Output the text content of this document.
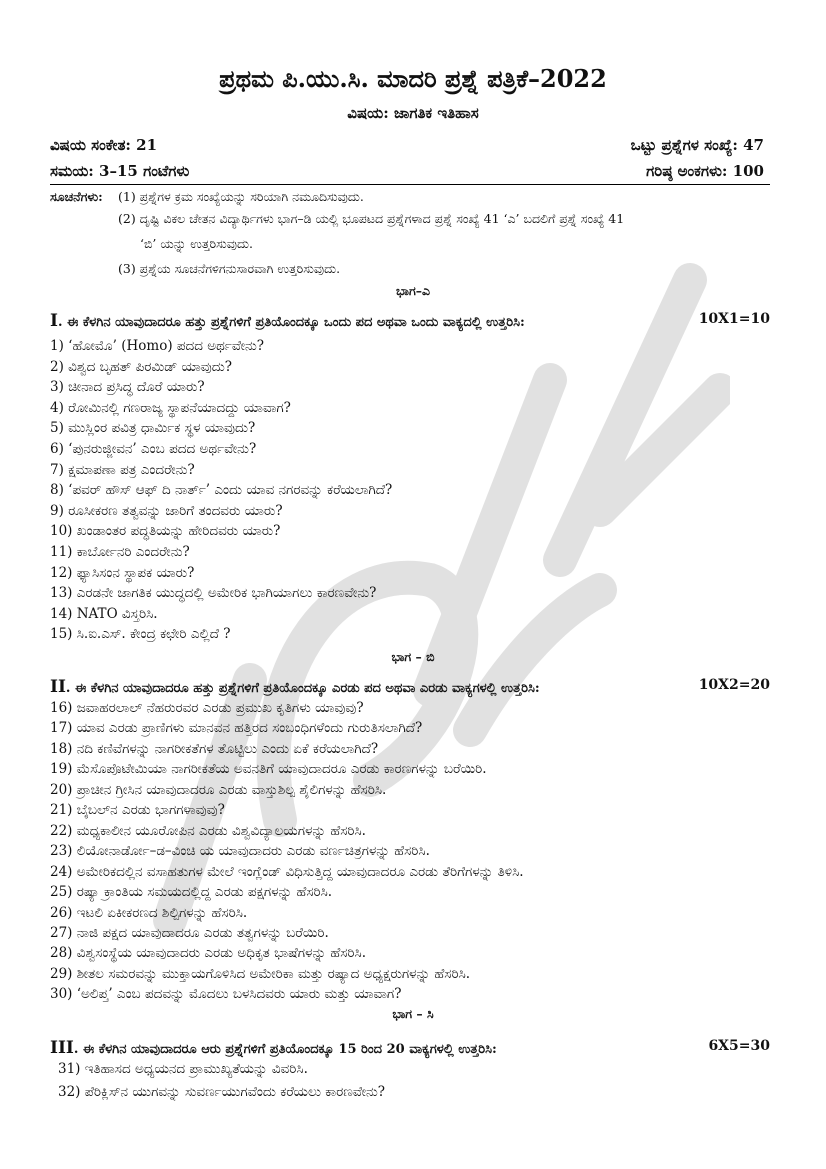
ಪ್ರಥಮ ಪಿ.ಯು.ಸಿ. ಮಾದರಿ ಪ್ರಶ್ನೆ ಪತ್ರಿಕೆ–2022
ವಿಷಯ: ಜಾಗತಿಕ ಇತಿಹಾಸ
ವಿಷಯ ಸಂಕೇತ: 21	ಒಟ್ಟು ಪ್ರಶ್ನೆಗಳ ಸಂಖ್ಯೆ: 47
ಸಮಯ: 3–15 ಗಂಟೆಗಳು	ಗರಿಷ್ಠ ಅಂಕಗಳು: 100
ಸೂಚನೆಗಳು: (1) ಪ್ರಶ್ನೆಗಳ ಕ್ರಮ ಸಂಖ್ಯೆಯನ್ನು ಸರಿಯಾಗಿ ನಮೂದಿಸುವುದು.
(2) ದೃಷ್ಟಿ ವಿಕಲ ಚೇತನ ವಿದ್ಯಾರ್ಥಿಗಳು ಭಾಗ–ಡಿ ಯಲ್ಲಿ ಭೂಪಟದ ಪ್ರಶ್ನೆಗಳಾದ ಪ್ರಶ್ನೆ ಸಂಖ್ಯೆ 41 ‘ಎ’ ಬದಲಿಗೆ ಪ್ರಶ್ನೆ ಸಂಖ್ಯೆ 41
‘ಬಿ’ ಯನ್ನು ಉತ್ತರಿಸುವುದು.
(3) ಪ್ರಶ್ನೆಯ ಸೂಚನೆಗಳಿಗನುಸಾರವಾಗಿ ಉತ್ತರಿಸುವುದು.
ಭಾಗ–ಎ
I. ಈ ಕೆಳಗಿನ ಯಾವುದಾದರೂ ಹತ್ತು ಪ್ರಶ್ನೆಗಳಿಗೆ ಪ್ರತಿಯೊಂದಕ್ಕೂ ಒಂದು ಪದ ಅಥವಾ ಒಂದು ವಾಕ್ಯದಲ್ಲಿ ಉತ್ತರಿಸಿ:	10X1=10
1) ‘ಹೋಮೊ’ (Homo) ಪದದ ಅರ್ಥವೇನು?
2) ವಿಶ್ವದ ಬೃಹತ್ ಪಿರಮಿಡ್ ಯಾವುದು?
3) ಚೀನಾದ ಪ್ರಸಿದ್ಧ ದೊರೆ ಯಾರು?
4) ರೋಮಿನಲ್ಲಿ ಗಣರಾಜ್ಯ ಸ್ಥಾಪನೆಯಾದದ್ದು ಯಾವಾಗ?
5) ಮುಸ್ಲಿಂರ ಪವಿತ್ರ ಧಾರ್ಮಿಕ ಸ್ಥಳ ಯಾವುದು?
6) ‘ಪುನರುಜ್ಜೀವನ’ ಎಂಬ ಪದದ ಅರ್ಥವೇನು?
7) ಕ್ಷಮಾಪಣಾ ಪತ್ರ ಎಂದರೇನು?
8) ‘ಪವರ್ ಹೌಸ್ ಆಫ್ ದಿ ನಾರ್ತ್’ ಎಂದು ಯಾವ ನಗರವನ್ನು ಕರೆಯಲಾಗಿದೆ?
9) ರೂಸೀಕರಣ ತತ್ವವನ್ನು ಜಾರಿಗೆ ತಂದವರು ಯಾರು?
10) ಖಂಡಾಂತರ ಪದ್ಧತಿಯನ್ನು ಹೇರಿದವರು ಯಾರು?
11) ಕಾರ್ಬೋನರಿ ಎಂದರೇನು?
12) ಫ್ಯಾಸಿಸಂನ ಸ್ಥಾಪಕ ಯಾರು?
13) ಎರಡನೇ ಜಾಗತಿಕ ಯುದ್ಧದಲ್ಲಿ ಅಮೇರಿಕ ಭಾಗಿಯಾಗಲು ಕಾರಣವೇನು?
14) NATO ವಿಸ್ತರಿಸಿ.
15) ಸಿ.ಐ.ಎಸ್. ಕೇಂದ್ರ ಕಛೇರಿ ಎಲ್ಲಿದೆ ?
ಭಾಗ – ಬಿ
II. ಈ ಕೆಳಗಿನ ಯಾವುದಾದರೂ ಹತ್ತು ಪ್ರಶ್ನೆಗಳಿಗೆ ಪ್ರತಿಯೊಂದಕ್ಕೂ ಎರಡು ಪದ ಅಥವಾ ಎರಡು ವಾಕ್ಯಗಳಲ್ಲಿ ಉತ್ತರಿಸಿ:	10X2=20
16) ಜವಾಹರಲಾಲ್ ನೆಹರುರವರ ಎರಡು ಪ್ರಮುಖ ಕೃತಿಗಳು ಯಾವುವು?
17) ಯಾವ ಎರಡು ಪ್ರಾಣಿಗಳು ಮಾನವನ ಹತ್ತಿರದ ಸಂಬಂಧಿಗಳೆಂದು ಗುರುತಿಸಲಾಗಿದೆ?
18) ನದಿ ಕಣಿವೆಗಳನ್ನು ನಾಗರೀಕತೆಗಳ ತೊಟ್ಟಿಲು ಎಂದು ಏಕೆ ಕರೆಯಲಾಗಿದೆ?
19) ಮೆಸೊಪೊಟೇಮಿಯಾ ನಾಗರೀಕತೆಯ ಅವನತಿಗೆ ಯಾವುದಾದರೂ ಎರಡು ಕಾರಣಗಳನ್ನು ಬರೆಯಿರಿ.
20) ಪ್ರಾಚೀನ ಗ್ರೀಸಿನ ಯಾವುದಾದರೂ ಎರಡು ವಾಸ್ತುಶಿಲ್ಪ ಶೈಲಿಗಳನ್ನು ಹೆಸರಿಸಿ.
21) ಬೈಬಲ್‌ನ ಎರಡು ಭಾಗಗಳಾವುವು?
22) ಮಧ್ಯಕಾಲೀನ ಯೂರೋಪಿನ ಎರಡು ವಿಶ್ವವಿದ್ಯಾಲಯಗಳನ್ನು ಹೆಸರಿಸಿ.
23) ಲಿಯೋನಾರ್ಡೋ–ಡ–ವಿಂಚಿ ಯ ಯಾವುದಾದರು ಎರಡು ವರ್ಣಚಿತ್ರಗಳನ್ನು ಹೆಸರಿಸಿ.
24) ಅಮೇರಿಕದಲ್ಲಿನ ವಸಾಹತುಗಳ ಮೇಲೆ ಇಂಗ್ಲೆಂಡ್ ವಿಧಿಸುತ್ತಿದ್ದ ಯಾವುದಾದರೂ ಎರಡು ತೆರಿಗೆಗಳನ್ನು ತಿಳಿಸಿ.
25) ರಷ್ಯಾ ಕ್ರಾಂತಿಯ ಸಮಯದಲ್ಲಿದ್ದ ಎರಡು ಪಕ್ಷಗಳನ್ನು ಹೆಸರಿಸಿ.
26) ಇಟಲಿ ಏಕೀಕರಣದ ಶಿಲ್ಪಿಗಳನ್ನು ಹೆಸರಿಸಿ.
27) ನಾಜಿ ಪಕ್ಷದ ಯಾವುದಾದರೂ ಎರಡು ತತ್ವಗಳನ್ನು ಬರೆಯಿರಿ.
28) ವಿಶ್ವಸಂಸ್ಥೆಯ ಯಾವುದಾದರು ಎರಡು ಅಧಿಕೃತ ಭಾಷೆಗಳನ್ನು ಹೆಸರಿಸಿ.
29) ಶೀತಲ ಸಮರವನ್ನು ಮುಕ್ತಾಯಗೊಳಿಸಿದ ಅಮೇರಿಕಾ ಮತ್ತು ರಷ್ಯಾದ ಅಧ್ಯಕ್ಷರುಗಳನ್ನು ಹೆಸರಿಸಿ.
30) ‘ಅಲಿಪ್ತ’ ಎಂಬ ಪದವನ್ನು ಮೊದಲು ಬಳಸಿದವರು ಯಾರು ಮತ್ತು ಯಾವಾಗ?
ಭಾಗ – ಸಿ
III. ಈ ಕೆಳಗಿನ ಯಾವುದಾದರೂ ಆರು ಪ್ರಶ್ನೆಗಳಿಗೆ ಪ್ರತಿಯೊಂದಕ್ಕೂ 15 ರಿಂದ 20 ವಾಕ್ಯಗಳಲ್ಲಿ ಉತ್ತರಿಸಿ:	6X5=30
31) ಇತಿಹಾಸದ ಅಧ್ಯಯನದ ಪ್ರಾಮುಖ್ಯತೆಯನ್ನು ವಿವರಿಸಿ.
32) ಪೆರಿಕ್ಲಿಸ್‌ನ ಯುಗವನ್ನು ಸುವರ್ಣಯುಗವೆಂದು ಕರೆಯಲು ಕಾರಣವೇನು?
